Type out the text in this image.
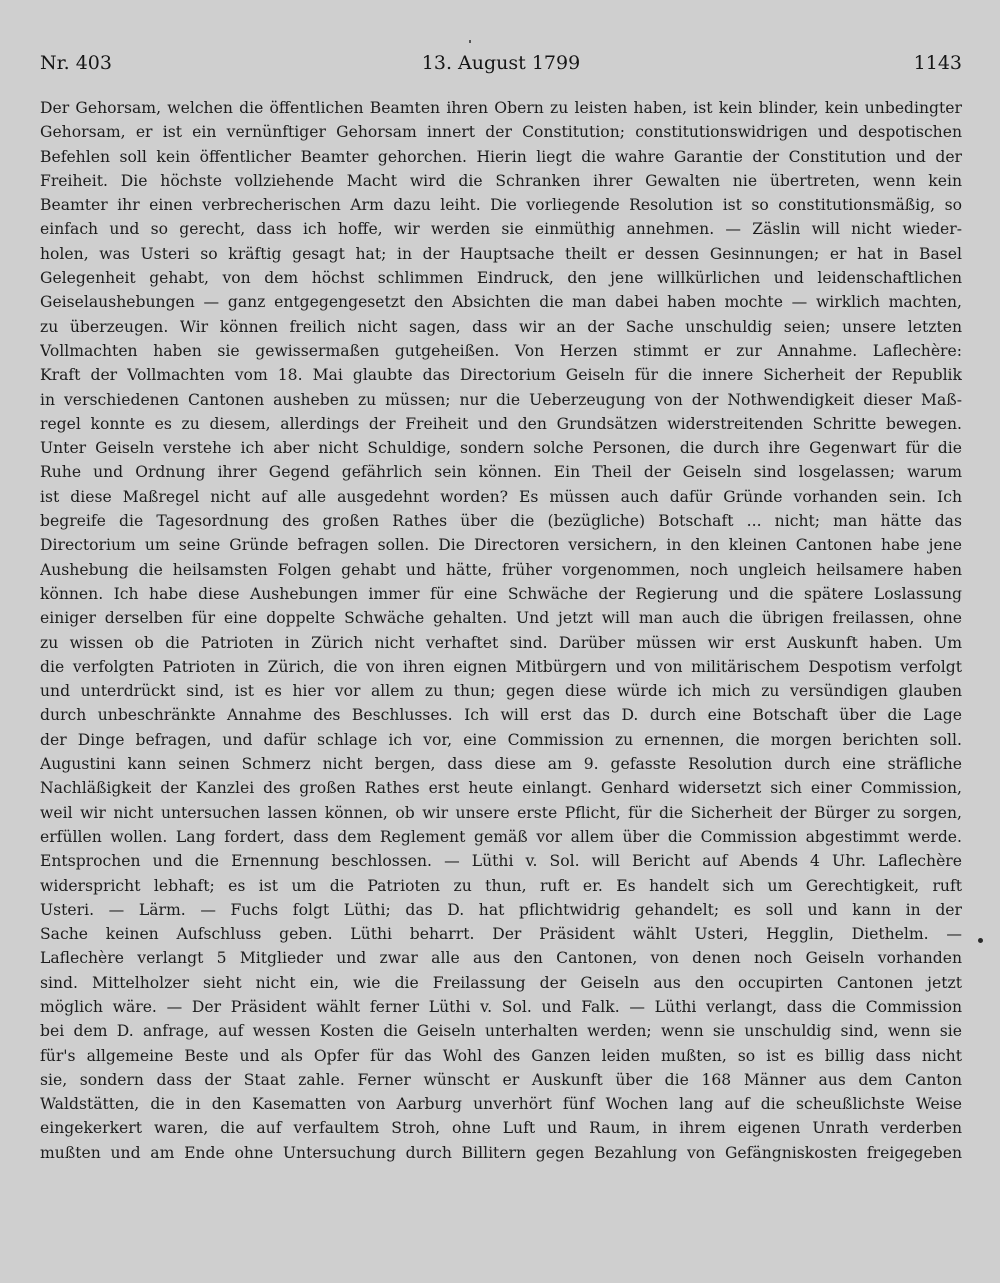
Nr. 403	13. August 1799	1143
Der Gehorsam, welchen die öffentlichen Beamten ihren Obern zu leisten haben, ist kein blinder, kein unbedingter
Gehorsam, er ist ein vernünftiger Gehorsam innert der Constitution; constitutionswidrigen und despotischen
Befehlen soll kein öffentlicher Beamter gehorchen. Hierin liegt die wahre Garantie der Constitution und der
Freiheit. Die höchste vollziehende Macht wird die Schranken ihrer Gewalten nie übertreten, wenn kein
Beamter ihr einen verbrecherischen Arm dazu leiht. Die vorliegende Resolution ist so constitutionsmäßig, so
einfach und so gerecht, dass ich hoffe, wir werden sie einmüthig annehmen. — Zäslin will nicht wieder-
holen, was Usteri so kräftig gesagt hat; in der Hauptsache theilt er dessen Gesinnungen; er hat in Basel
Gelegenheit gehabt, von dem höchst schlimmen Eindruck, den jene willkürlichen und leidenschaftlichen
Geiselaushebungen — ganz entgegengesetzt den Absichten die man dabei haben mochte — wirklich machten,
zu überzeugen. Wir können freilich nicht sagen, dass wir an der Sache unschuldig seien; unsere letzten
Vollmachten haben sie gewissermaßen gutgeheißen. Von Herzen stimmt er zur Annahme. Laflechère:
Kraft der Vollmachten vom 18. Mai glaubte das Directorium Geiseln für die innere Sicherheit der Republik
in verschiedenen Cantonen ausheben zu müssen; nur die Ueberzeugung von der Nothwendigkeit dieser Maß-
regel konnte es zu diesem, allerdings der Freiheit und den Grundsätzen widerstreitenden Schritte bewegen.
Unter Geiseln verstehe ich aber nicht Schuldige, sondern solche Personen, die durch ihre Gegenwart für die
Ruhe und Ordnung ihrer Gegend gefährlich sein können. Ein Theil der Geiseln sind losgelassen; warum
ist diese Maßregel nicht auf alle ausgedehnt worden? Es müssen auch dafür Gründe vorhanden sein. Ich
begreife die Tagesordnung des großen Rathes über die (bezügliche) Botschaft ... nicht; man hätte das
Directorium um seine Gründe befragen sollen. Die Directoren versichern, in den kleinen Cantonen habe jene
Aushebung die heilsamsten Folgen gehabt und hätte, früher vorgenommen, noch ungleich heilsamere haben
können. Ich habe diese Aushebungen immer für eine Schwäche der Regierung und die spätere Loslassung
einiger derselben für eine doppelte Schwäche gehalten. Und jetzt will man auch die übrigen freilassen, ohne
zu wissen ob die Patrioten in Zürich nicht verhaftet sind. Darüber müssen wir erst Auskunft haben. Um
die verfolgten Patrioten in Zürich, die von ihren eignen Mitbürgern und von militärischem Despotism verfolgt
und unterdrückt sind, ist es hier vor allem zu thun; gegen diese würde ich mich zu versündigen glauben
durch unbeschränkte Annahme des Beschlusses. Ich will erst das D. durch eine Botschaft über die Lage
der Dinge befragen, und dafür schlage ich vor, eine Commission zu ernennen, die morgen berichten soll.
Augustini kann seinen Schmerz nicht bergen, dass diese am 9. gefasste Resolution durch eine sträfliche
Nachläßigkeit der Kanzlei des großen Rathes erst heute einlangt. Genhard widersetzt sich einer Commission,
weil wir nicht untersuchen lassen können, ob wir unsere erste Pflicht, für die Sicherheit der Bürger zu sorgen,
erfüllen wollen. Lang fordert, dass dem Reglement gemäß vor allem über die Commission abgestimmt werde.
Entsprochen und die Ernennung beschlossen. — Lüthi v. Sol. will Bericht auf Abends 4 Uhr. Laflechère
widerspricht lebhaft; es ist um die Patrioten zu thun, ruft er. Es handelt sich um Gerechtigkeit, ruft
Usteri. — Lärm. — Fuchs folgt Lüthi; das D. hat pflichtwidrig gehandelt; es soll und kann in der
Sache keinen Aufschluss geben. Lüthi beharrt. Der Präsident wählt Usteri, Hegglin, Diethelm. —
Laflechère verlangt 5 Mitglieder und zwar alle aus den Cantonen, von denen noch Geiseln vorhanden
sind. Mittelholzer sieht nicht ein, wie die Freilassung der Geiseln aus den occupirten Cantonen jetzt
möglich wäre. — Der Präsident wählt ferner Lüthi v. Sol. und Falk. — Lüthi verlangt, dass die Commission
bei dem D. anfrage, auf wessen Kosten die Geiseln unterhalten werden; wenn sie unschuldig sind, wenn sie
für's allgemeine Beste und als Opfer für das Wohl des Ganzen leiden mußten, so ist es billig dass nicht
sie, sondern dass der Staat zahle. Ferner wünscht er Auskunft über die 168 Männer aus dem Canton
Waldstätten, die in den Kasematten von Aarburg unverhört fünf Wochen lang auf die scheußlichste Weise
eingekerkert waren, die auf verfaultem Stroh, ohne Luft und Raum, in ihrem eigenen Unrath verderben
mußten und am Ende ohne Untersuchung durch Billitern gegen Bezahlung von Gefängniskosten freigegeben
